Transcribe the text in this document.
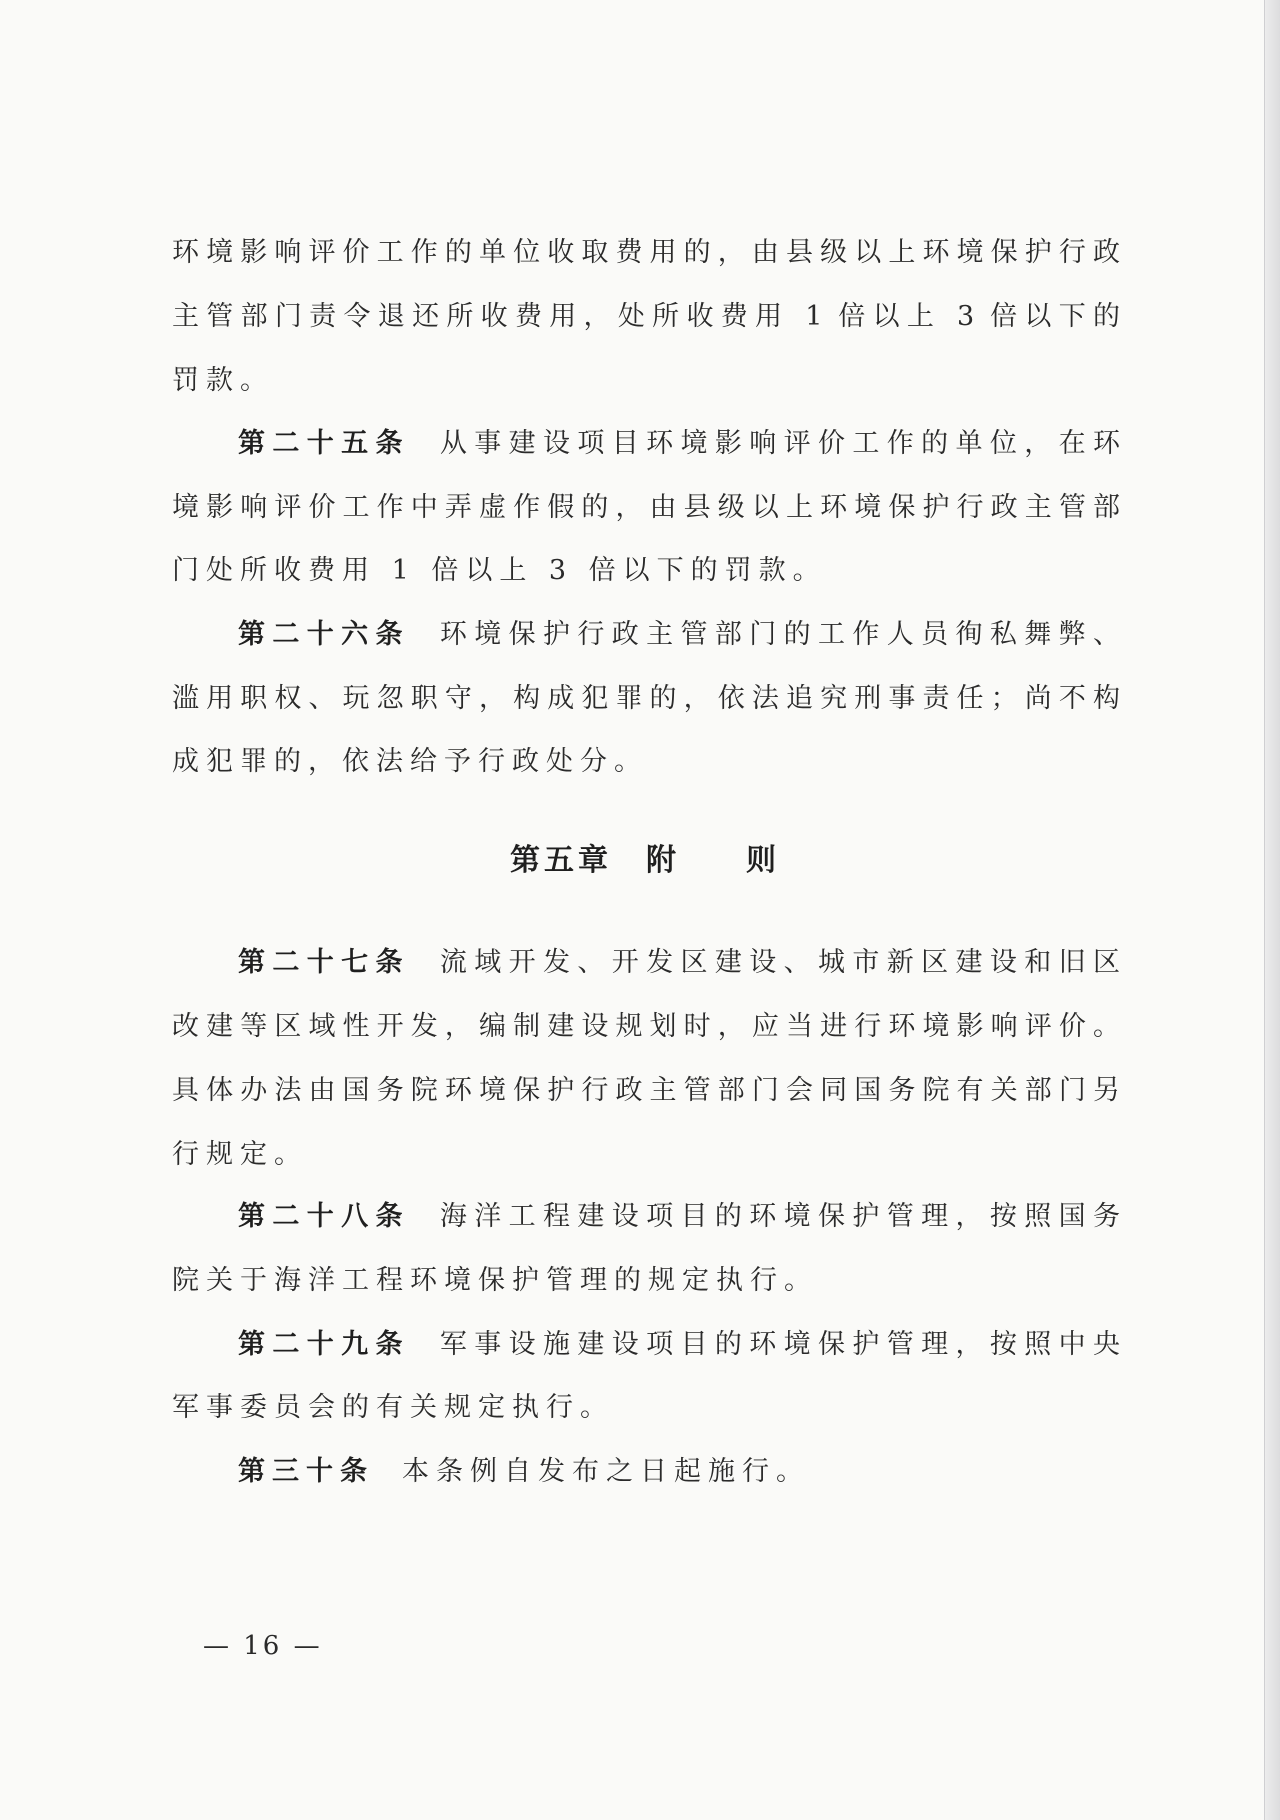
环境影响评价工作的单位收取费用的，由县级以上环境保护行政
主管部门责令退还所收费用，处所收费用 1 倍以上 3 倍以下的
罚款。
第二十五条 从事建设项目环境影响评价工作的单位，在环
境影响评价工作中弄虚作假的，由县级以上环境保护行政主管部
门处所收费用 1 倍以上 3 倍以下的罚款。
第二十六条 环境保护行政主管部门的工作人员徇私舞弊、
滥用职权、玩忽职守，构成犯罪的，依法追究刑事责任；尚不构
成犯罪的，依法给予行政处分。
第五章 附 则
第二十七条 流域开发、开发区建设、城市新区建设和旧区
改建等区域性开发，编制建设规划时，应当进行环境影响评价。
具体办法由国务院环境保护行政主管部门会同国务院有关部门另
行规定。
第二十八条 海洋工程建设项目的环境保护管理，按照国务
院关于海洋工程环境保护管理的规定执行。
第二十九条 军事设施建设项目的环境保护管理，按照中央
军事委员会的有关规定执行。
第三十条 本条例自发布之日起施行。
— 16 —
